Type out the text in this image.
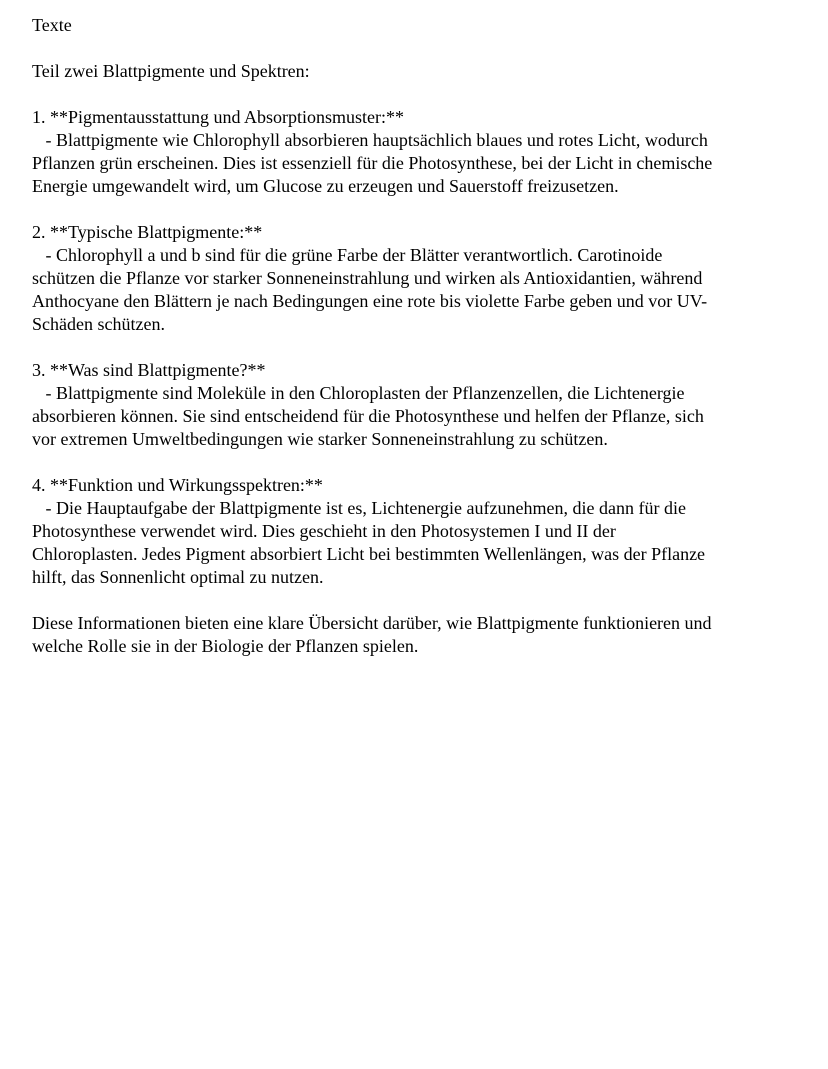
Texte
Teil zwei Blattpigmente und Spektren:
1. **Pigmentausstattung und Absorptionsmuster:**
- Blattpigmente wie Chlorophyll absorbieren hauptsächlich blaues und rotes Licht, wodurch
Pflanzen grün erscheinen. Dies ist essenziell für die Photosynthese, bei der Licht in chemische
Energie umgewandelt wird, um Glucose zu erzeugen und Sauerstoff freizusetzen.
2. **Typische Blattpigmente:**
- Chlorophyll a und b sind für die grüne Farbe der Blätter verantwortlich. Carotinoide
schützen die Pflanze vor starker Sonneneinstrahlung und wirken als Antioxidantien, während
Anthocyane den Blättern je nach Bedingungen eine rote bis violette Farbe geben und vor UV-
Schäden schützen.
3. **Was sind Blattpigmente?**
- Blattpigmente sind Moleküle in den Chloroplasten der Pflanzenzellen, die Lichtenergie
absorbieren können. Sie sind entscheidend für die Photosynthese und helfen der Pflanze, sich
vor extremen Umweltbedingungen wie starker Sonneneinstrahlung zu schützen.
4. **Funktion und Wirkungsspektren:**
- Die Hauptaufgabe der Blattpigmente ist es, Lichtenergie aufzunehmen, die dann für die
Photosynthese verwendet wird. Dies geschieht in den Photosystemen I und II der
Chloroplasten. Jedes Pigment absorbiert Licht bei bestimmten Wellenlängen, was der Pflanze
hilft, das Sonnenlicht optimal zu nutzen.
Diese Informationen bieten eine klare Übersicht darüber, wie Blattpigmente funktionieren und
welche Rolle sie in der Biologie der Pflanzen spielen.
